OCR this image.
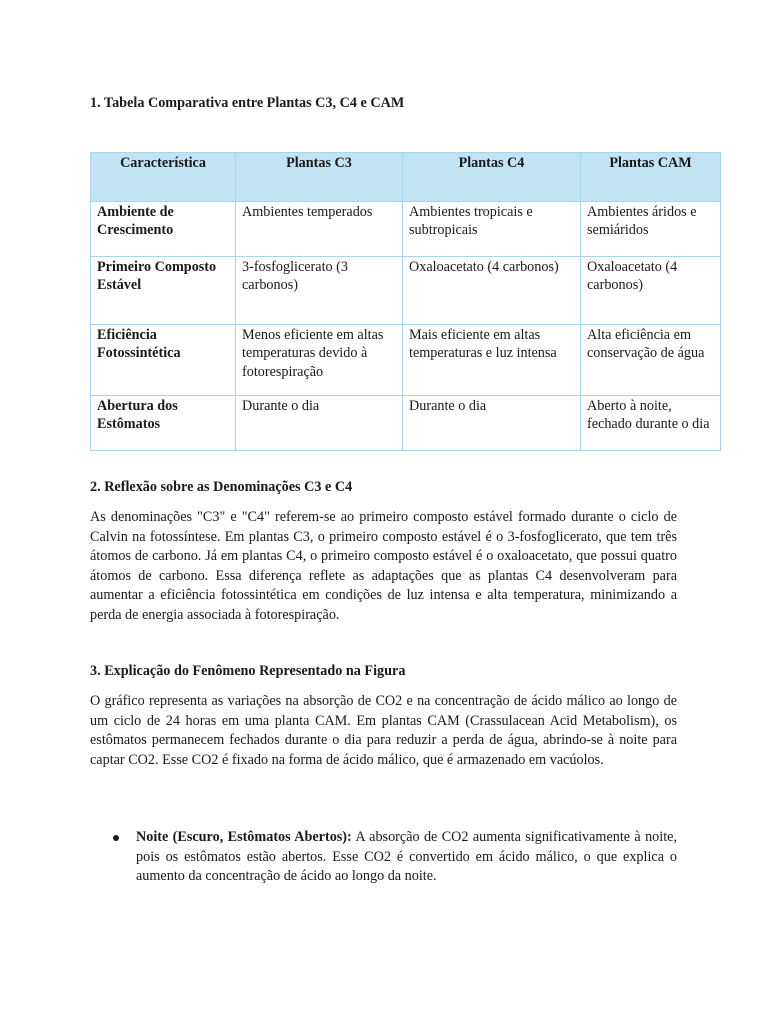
1. Tabela Comparativa entre Plantas C3, C4 e CAM
Característica	Plantas C3	Plantas C4	Plantas CAM
Ambiente de Crescimento	Ambientes temperados	Ambientes tropicais e subtropicais	Ambientes áridos e semiáridos
Primeiro Composto Estável	3-fosfoglicerato (3 carbonos)	Oxaloacetato (4 carbonos)	Oxaloacetato (4 carbonos)
Eficiência Fotossintética	Menos eficiente em altas temperaturas devido à fotorespiração	Mais eficiente em altas temperaturas e luz intensa	Alta eficiência em conservação de água
Abertura dos Estômatos	Durante o dia	Durante o dia	Aberto à noite, fechado durante o dia
2. Reflexão sobre as Denominações C3 e C4

As denominações "C3" e "C4" referem-se ao primeiro composto estável formado durante o ciclo de Calvin na fotossíntese. Em plantas C3, o primeiro composto estável é o 3-fosfoglicerato, que tem três átomos de carbono. Já em plantas C4, o primeiro composto estável é o oxaloacetato, que possui quatro átomos de carbono. Essa diferença reflete as adaptações que as plantas C4 desenvolveram para aumentar a eficiência fotossintética em condições de luz intensa e alta temperatura, minimizando a perda de energia associada à fotorespiração.

3. Explicação do Fenômeno Representado na Figura

O gráfico representa as variações na absorção de CO2 e na concentração de ácido málico ao longo de um ciclo de 24 horas em uma planta CAM. Em plantas CAM (Crassulacean Acid Metabolism), os estômatos permanecem fechados durante o dia para reduzir a perda de água, abrindo-se à noite para captar CO2. Esse CO2 é fixado na forma de ácido málico, que é armazenado em vacúolos.

Noite (Escuro, Estômatos Abertos): A absorção de CO2 aumenta significativamente à noite, pois os estômatos estão abertos. Esse CO2 é convertido em ácido málico, o que explica o aumento da concentração de ácido ao longo da noite.
